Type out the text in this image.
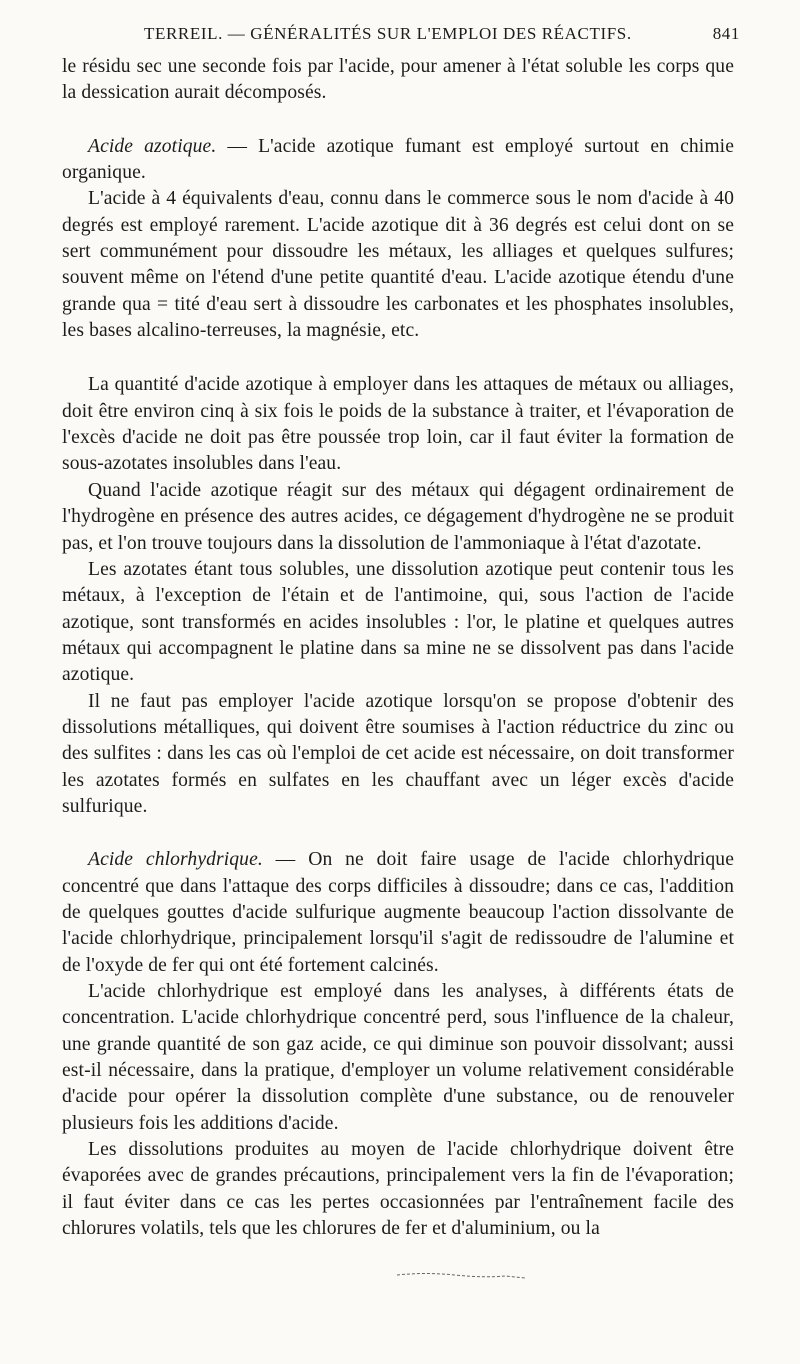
TERREIL. — GÉNÉRALITÉS SUR L'EMPLOI DES RÉACTIFS.	841

le résidu sec une seconde fois par l'acide, pour amener à l'état soluble les corps que la dessication aurait décomposés.

Acide azotique. — L'acide azotique fumant est employé surtout en chimie organique.

L'acide à 4 équivalents d'eau, connu dans le commerce sous le nom d'acide à 40 degrés est employé rarement. L'acide azotique dit à 36 degrés est celui dont on se sert communément pour dissoudre les métaux, les alliages et quelques sulfures; souvent même on l'étend d'une petite quantité d'eau. L'acide azotique étendu d'une grande qua = tité d'eau sert à dissoudre les carbonates et les phosphates insolubles, les bases alcalino-terreuses, la magnésie, etc.

La quantité d'acide azotique à employer dans les attaques de métaux ou alliages, doit être environ cinq à six fois le poids de la substance à traiter, et l'évaporation de l'excès d'acide ne doit pas être poussée trop loin, car il faut éviter la formation de sous-azotates insolubles dans l'eau.

Quand l'acide azotique réagit sur des métaux qui dégagent ordinairement de l'hydrogène en présence des autres acides, ce dégagement d'hydrogène ne se produit pas, et l'on trouve toujours dans la dissolution de l'ammoniaque à l'état d'azotate.

Les azotates étant tous solubles, une dissolution azotique peut contenir tous les métaux, à l'exception de l'étain et de l'antimoine, qui, sous l'action de l'acide azotique, sont transformés en acides insolubles : l'or, le platine et quelques autres métaux qui accompagnent le platine dans sa mine ne se dissolvent pas dans l'acide azotique.

Il ne faut pas employer l'acide azotique lorsqu'on se propose d'obtenir des dissolutions métalliques, qui doivent être soumises à l'action réductrice du zinc ou des sulfites : dans les cas où l'emploi de cet acide est nécessaire, on doit transformer les azotates formés en sulfates en les chauffant avec un léger excès d'acide sulfurique.

Acide chlorhydrique. — On ne doit faire usage de l'acide chlorhydrique concentré que dans l'attaque des corps difficiles à dissoudre; dans ce cas, l'addition de quelques gouttes d'acide sulfurique augmente beaucoup l'action dissolvante de l'acide chlorhydrique, principalement lorsqu'il s'agit de redissoudre de l'alumine et de l'oxyde de fer qui ont été fortement calcinés.

L'acide chlorhydrique est employé dans les analyses, à différents états de concentration. L'acide chlorhydrique concentré perd, sous l'influence de la chaleur, une grande quantité de son gaz acide, ce qui diminue son pouvoir dissolvant; aussi est-il nécessaire, dans la pratique, d'employer un volume relativement considérable d'acide pour opérer la dissolution complète d'une substance, ou de renouveler plusieurs fois les additions d'acide.

Les dissolutions produites au moyen de l'acide chlorhydrique doivent être évaporées avec de grandes précautions, principalement vers la fin de l'évaporation; il faut éviter dans ce cas les pertes occasionnées par l'entraînement facile des chlorures volatils, tels que les chlorures de fer et d'aluminium, ou la
